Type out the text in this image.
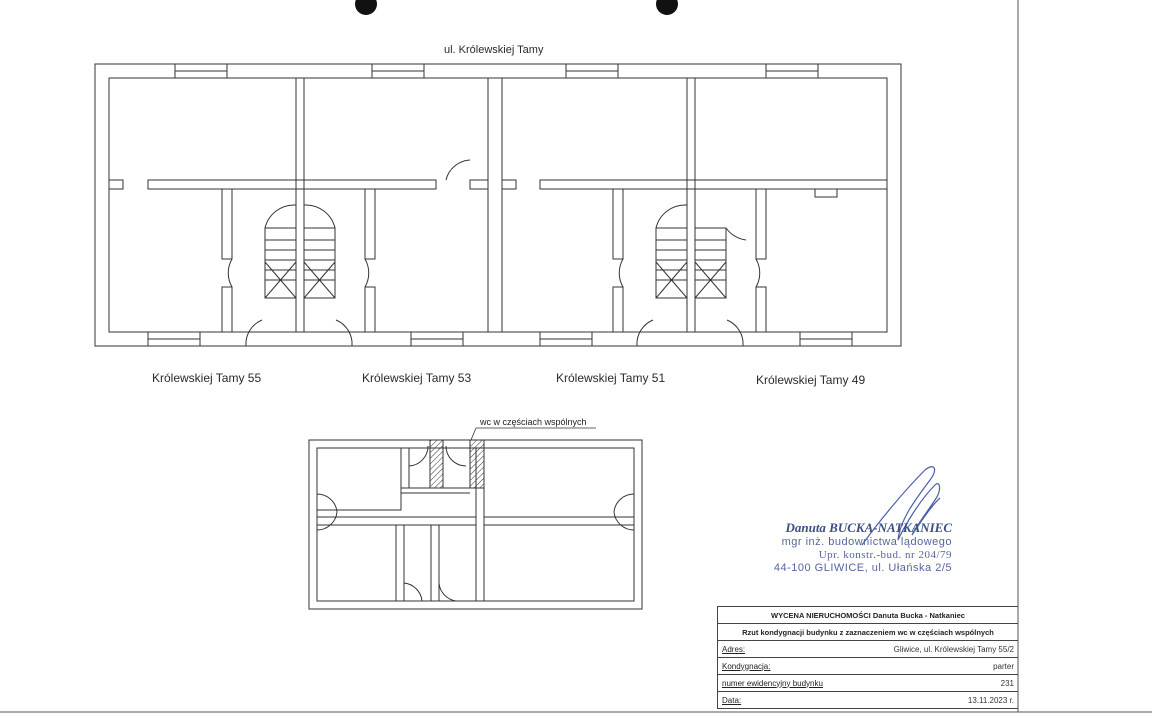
ul. Królewskiej Tamy
Królewskiej Tamy 55	Królewskiej Tamy 53	Królewskiej Tamy 51	Królewskiej Tamy 49
wc w częściach wspólnych
Danuta BUCKA-NATKANIEC
mgr inż. budownictwa lądowego
Upr. konstr.-bud. nr 204/79
44-100 GLIWICE, ul. Ułańska 2/5
WYCENA NIERUCHOMOŚCI Danuta Bucka - Natkaniec
Rzut kondygnacji budynku z zaznaczeniem wc w częściach wspólnych
Adres:	Gliwice, ul. Królewskiej Tamy 55/2
Kondygnacja:	parter
numer ewidencyjny budynku	231
Data:	13.11.2023 r.
